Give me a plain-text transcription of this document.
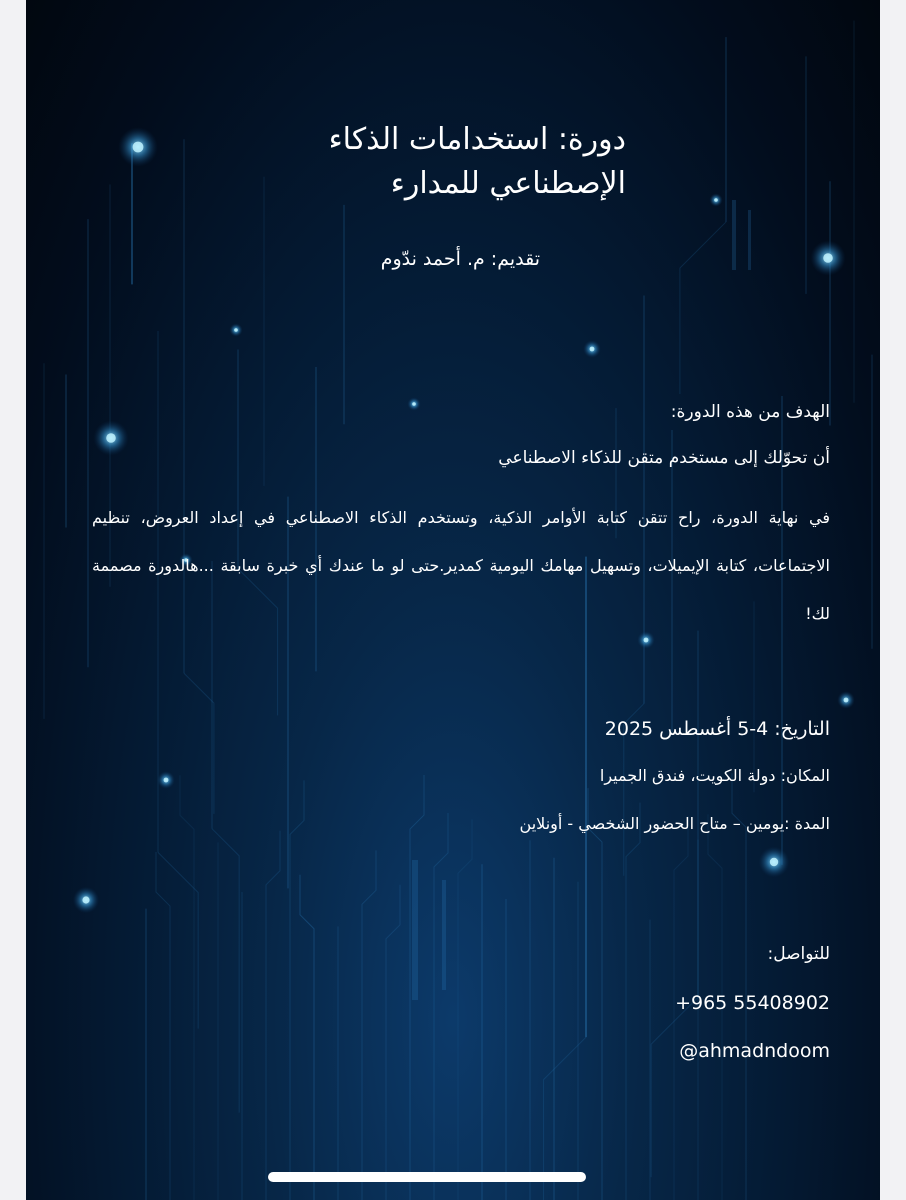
دورة: استخدامات الذكاء
الإصطناعي للمدارء

تقديم: م. أحمد ندّوم

الهدف من هذه الدورة:
أن تحوّلك إلى مستخدم متقن للذكاء الاصطناعي
في نهاية الدورة، راح تتقن كتابة الأوامر الذكية، وتستخدم الذكاء الاصطناعي في إعداد العروض، تنظيم الاجتماعات، كتابة الإيميلات، وتسهيل مهامك اليومية كمدير.حتى لو ما عندك أي خبرة سابقة ...هالدورة مصممة لك!
التاريخ: 4-5 أغسطس 2025
المكان: دولة الكويت، فندق الجميرا
المدة :يومين – متاح الحضور الشخصي - أونلاين
للتواصل:
+965 55408902
@ahmadndoom
